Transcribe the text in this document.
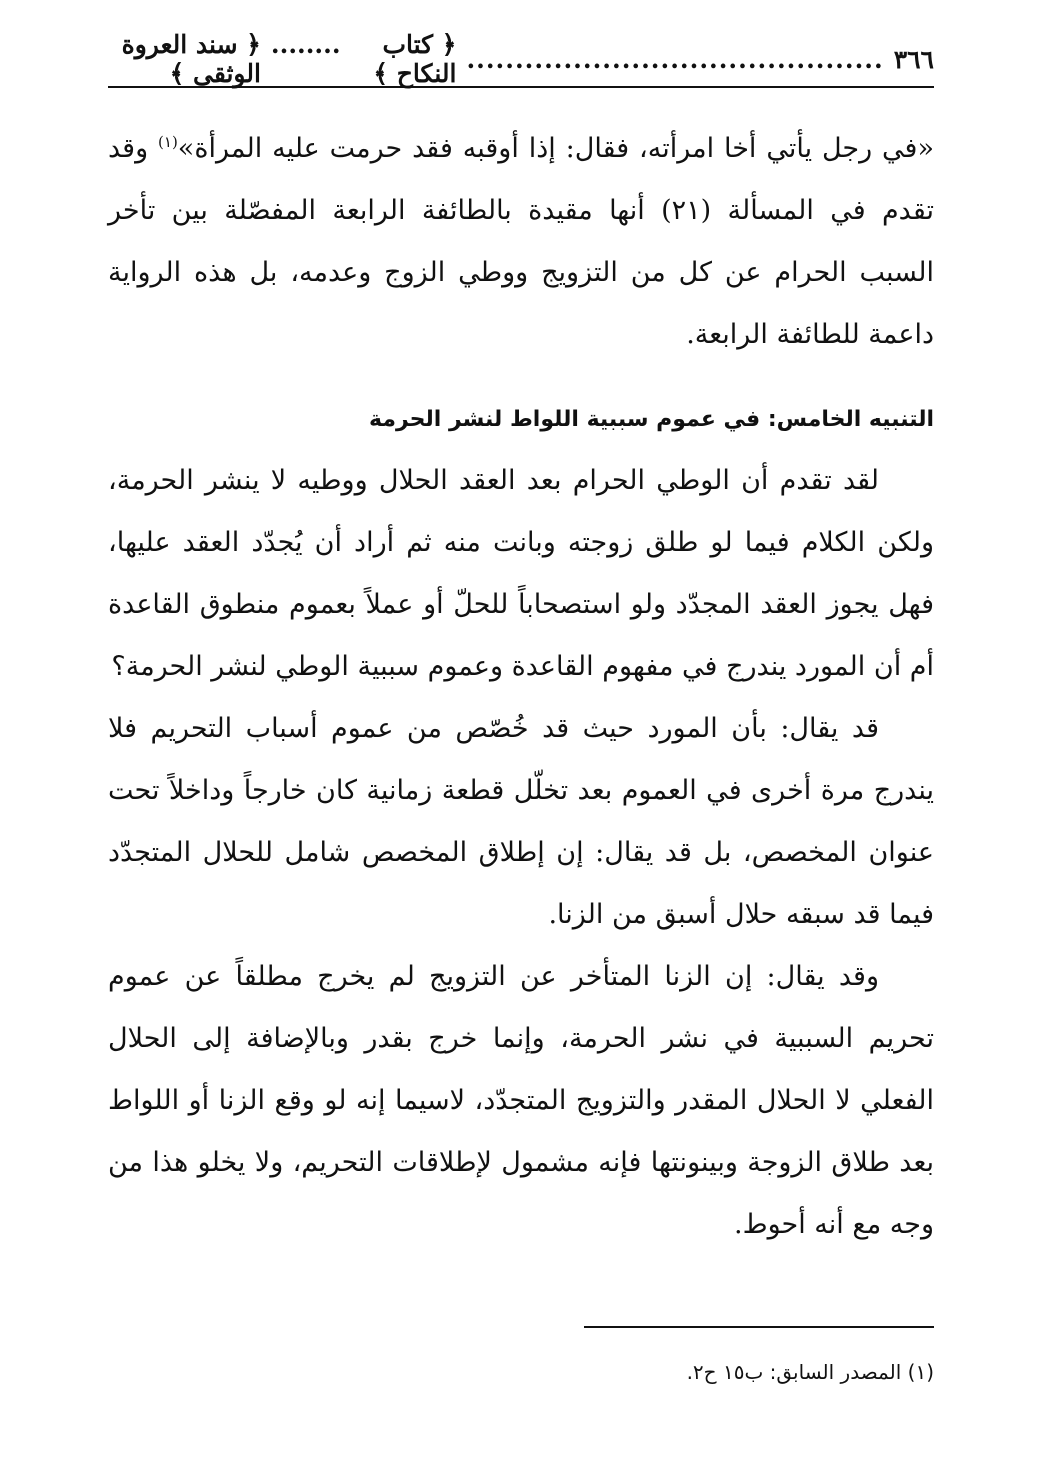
٣٦٦
...........................................
﴿ كتاب النكاح ﴾
........
﴿ سند العروة الوثقى ﴾

«في رجل يأتي أخا امرأته، فقال: إذا أوقبه فقد حرمت عليه المرأة»$^{(١)}$ وقد تقدم في المسألة (٢١) أنها مقيدة بالطائفة الرابعة المفصّلة بين تأخر السبب الحرام عن كل من التزويج ووطي الزوج وعدمه، بل هذه الرواية داعمة للطائفة الرابعة.

التنبيه الخامس: في عموم سببية اللواط لنشر الحرمة

لقد تقدم أن الوطي الحرام بعد العقد الحلال ووطيه لا ينشر الحرمة، ولكن الكلام فيما لو طلق زوجته وبانت منه ثم أراد أن يُجدّد العقد عليها، فهل يجوز العقد المجدّد ولو استصحاباً للحلّ أو عملاً بعموم منطوق القاعدة أم أن المورد يندرج في مفهوم القاعدة وعموم سببية الوطي لنشر الحرمة؟

قد يقال: بأن المورد حيث قد خُصّص من عموم أسباب التحريم فلا يندرج مرة أخرى في العموم بعد تخلّل قطعة زمانية كان خارجاً وداخلاً تحت عنوان المخصص، بل قد يقال: إن إطلاق المخصص شامل للحلال المتجدّد فيما قد سبقه حلال أسبق من الزنا.

وقد يقال: إن الزنا المتأخر عن التزويج لم يخرج مطلقاً عن عموم تحريم السببية في نشر الحرمة، وإنما خرج بقدر وبالإضافة إلى الحلال الفعلي لا الحلال المقدر والتزويج المتجدّد، لاسيما إنه لو وقع الزنا أو اللواط بعد طلاق الزوجة وبينونتها فإنه مشمول لإطلاقات التحريم، ولا يخلو هذا من وجه مع أنه أحوط.

(١) المصدر السابق: ب١٥ ح٢.
